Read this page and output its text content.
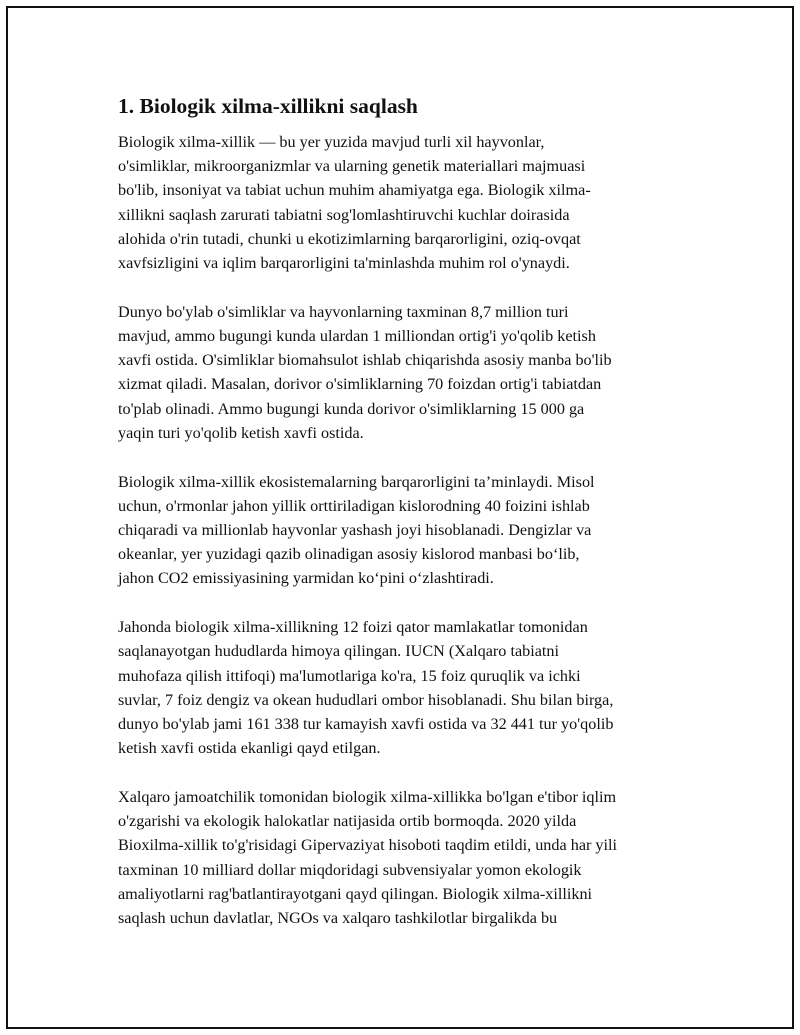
1. Biologik xilma-xillikni saqlash
Biologik xilma-xillik — bu yer yuzida mavjud turli xil hayvonlar,
o'simliklar, mikroorganizmlar va ularning genetik materiallari majmuasi
bo'lib, insoniyat va tabiat uchun muhim ahamiyatga ega. Biologik xilma-
xillikni saqlash zarurati tabiatni sog'lomlashtiruvchi kuchlar doirasida
alohida o'rin tutadi, chunki u ekotizimlarning barqarorligini, oziq-ovqat
xavfsizligini va iqlim barqarorligini ta'minlashda muhim rol o'ynaydi.
Dunyo bo'ylab o'simliklar va hayvonlarning taxminan 8,7 million turi
mavjud, ammo bugungi kunda ulardan 1 milliondan ortig'i yo'qolib ketish
xavfi ostida. O'simliklar biomahsulot ishlab chiqarishda asosiy manba bo'lib
xizmat qiladi. Masalan, dorivor o'simliklarning 70 foizdan ortig'i tabiatdan
to'plab olinadi. Ammo bugungi kunda dorivor o'simliklarning 15 000 ga
yaqin turi yo'qolib ketish xavfi ostida.
Biologik xilma-xillik ekosistemalarning barqarorligini ta’minlaydi. Misol
uchun, o'rmonlar jahon yillik orttiriladigan kislorodning 40 foizini ishlab
chiqaradi va millionlab hayvonlar yashash joyi hisoblanadi. Dengizlar va
okeanlar, yer yuzidagi qazib olinadigan asosiy kislorod manbasi bo‘lib,
jahon CO2 emissiyasining yarmidan ko‘pini o‘zlashtiradi.
Jahonda biologik xilma-xillikning 12 foizi qator mamlakatlar tomonidan
saqlanayotgan hududlarda himoya qilingan. IUCN (Xalqaro tabiatni
muhofaza qilish ittifoqi) ma'lumotlariga ko'ra, 15 foiz quruqlik va ichki
suvlar, 7 foiz dengiz va okean hududlari ombor hisoblanadi. Shu bilan birga,
dunyo bo'ylab jami 161 338 tur kamayish xavfi ostida va 32 441 tur yo'qolib
ketish xavfi ostida ekanligi qayd etilgan.
Xalqaro jamoatchilik tomonidan biologik xilma-xillikka bo'lgan e'tibor iqlim
o'zgarishi va ekologik halokatlar natijasida ortib bormoqda. 2020 yilda
Bioxilma-xillik to'g'risidagi Gipervaziyat hisoboti taqdim etildi, unda har yili
taxminan 10 milliard dollar miqdoridagi subvensiyalar yomon ekologik
amaliyotlarni rag'batlantirayotgani qayd qilingan. Biologik xilma-xillikni
saqlash uchun davlatlar, NGOs va xalqaro tashkilotlar birgalikda bu
